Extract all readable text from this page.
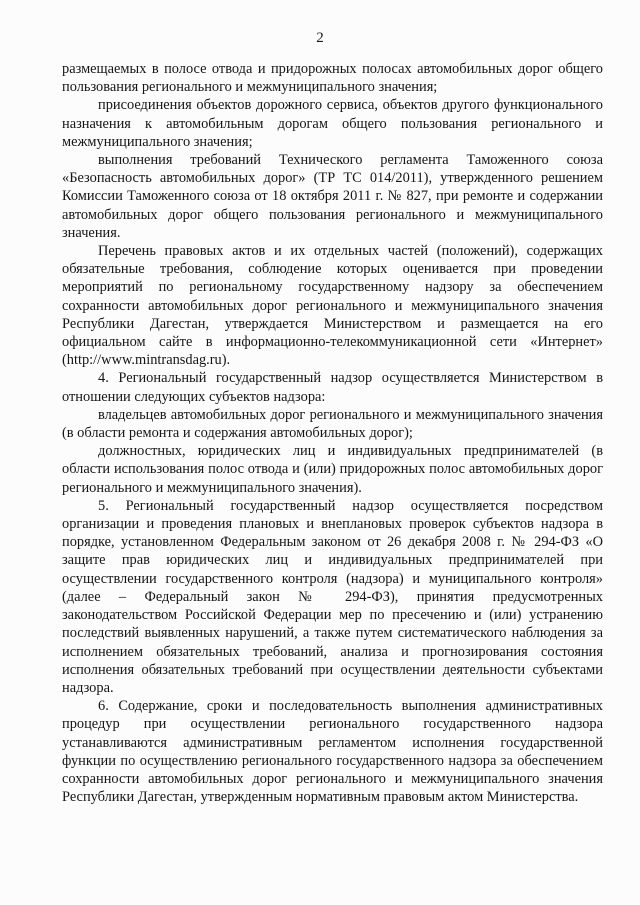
2

размещаемых в полосе отвода и придорожных полосах автомобильных дорог общего пользования регионального и межмуниципального значения;

присоединения объектов дорожного сервиса, объектов другого функционального назначения к автомобильным дорогам общего пользования регионального и межмуниципального значения;

выполнения требований Технического регламента Таможенного союза «Безопасность автомобильных дорог» (ТР ТС 014/2011), утвержденного решением Комиссии Таможенного союза от 18 октября 2011 г. № 827, при ремонте и содержании автомобильных дорог общего пользования регионального и межмуниципального значения.

Перечень правовых актов и их отдельных частей (положений), содержащих обязательные требования, соблюдение которых оценивается при проведении мероприятий по региональному государственному надзору за обеспечением сохранности автомобильных дорог регионального и межмуниципального значения Республики Дагестан, утверждается Министерством и размещается на его официальном сайте в информационно-телекоммуникационной сети «Интернет» (http://www.mintransdag.ru).

4. Региональный государственный надзор осуществляется Министерством в отношении следующих субъектов надзора:

владельцев автомобильных дорог регионального и межмуниципального значения (в области ремонта и содержания автомобильных дорог);

должностных, юридических лиц и индивидуальных предпринимателей (в области использования полос отвода и (или) придорожных полос автомобильных дорог регионального и межмуниципального значения).

5. Региональный государственный надзор осуществляется посредством организации и проведения плановых и внеплановых проверок субъектов надзора в порядке, установленном Федеральным законом от 26 декабря 2008 г. № 294-ФЗ «О защите прав юридических лиц и индивидуальных предпринимателей при осуществлении государственного контроля (надзора) и муниципального контроля» (далее – Федеральный закон № 294-ФЗ), принятия предусмотренных законодательством Российской Федерации мер по пресечению и (или) устранению последствий выявленных нарушений, а также путем систематического наблюдения за исполнением обязательных требований, анализа и прогнозирования состояния исполнения обязательных требований при осуществлении деятельности субъектами надзора.

6. Содержание, сроки и последовательность выполнения административных процедур при осуществлении регионального государственного надзора устанавливаются административным регламентом исполнения государственной функции по осуществлению регионального государственного надзора за обеспечением сохранности автомобильных дорог регионального и межмуниципального значения Республики Дагестан, утвержденным нормативным правовым актом Министерства.
